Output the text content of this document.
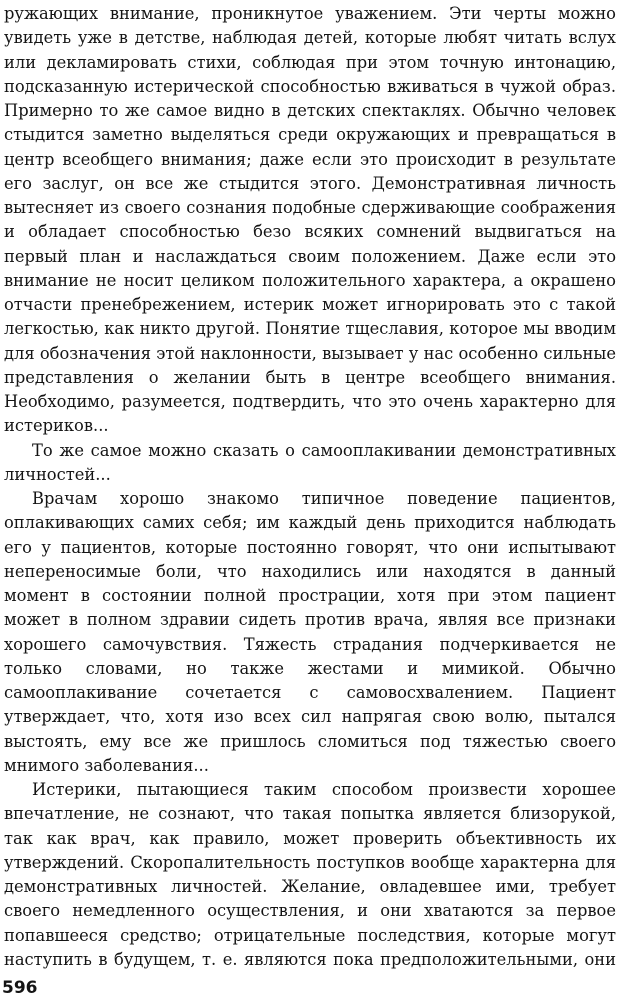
ружающих внимание, проникнутое уважением. Эти черты можно увидеть уже в детстве, наблюдая детей, которые любят читать вслух или декламировать стихи, соблюдая при этом точную интонацию, подсказанную истерической способностью вживаться в чужой образ. Примерно то же самое видно в детских спектаклях. Обычно человек стыдится заметно выделяться среди окружающих и превращаться в центр всеобщего внимания; даже если это происходит в результате его заслуг, он все же стыдится этого. Демонстративная личность вытесняет из своего сознания подобные сдерживающие соображения и обладает способностью безо всяких сомнений выдвигаться на первый план и наслаждаться своим положением. Даже если это внимание не носит целиком положительного характера, а окрашено отчасти пренебрежением, истерик может игнорировать это с такой легкостью, как никто другой. Понятие тщеславия, которое мы вводим для обозначения этой наклонности, вызывает у нас особенно сильные представления о желании быть в центре всеобщего внимания. Необходимо, разумеется, подтвердить, что это очень характерно для истериков...

То же самое можно сказать о самооплакивании демонстративных личностей...

Врачам хорошо знакомо типичное поведение пациентов, оплакивающих самих себя; им каждый день приходится наблюдать его у пациентов, которые постоянно говорят, что они испытывают непереносимые боли, что находились или находятся в данный момент в состоянии полной прострации, хотя при этом пациент может в полном здравии сидеть против врача, являя все признаки хорошего самочувствия. Тяжесть страдания подчеркивается не только словами, но также жестами и мимикой. Обычно самооплакивание сочетается с самовосхвалением. Пациент утверждает, что, хотя изо всех сил напрягая свою волю, пытался выстоять, ему все же пришлось сломиться под тяжестью своего мнимого заболевания...

Истерики, пытающиеся таким способом произвести хорошее впечатление, не сознают, что такая попытка является близорукой, так как врач, как правило, может проверить объективность их утверждений. Скоропалительность поступков вообще характерна для демонстративных личностей. Желание, овладевшее ими, требует своего немедленного осуществления, и они хватаются за первое попавшееся средство; отрицательные последствия, которые могут наступить в будущем, т. е. являются пока предположительными, они

596
